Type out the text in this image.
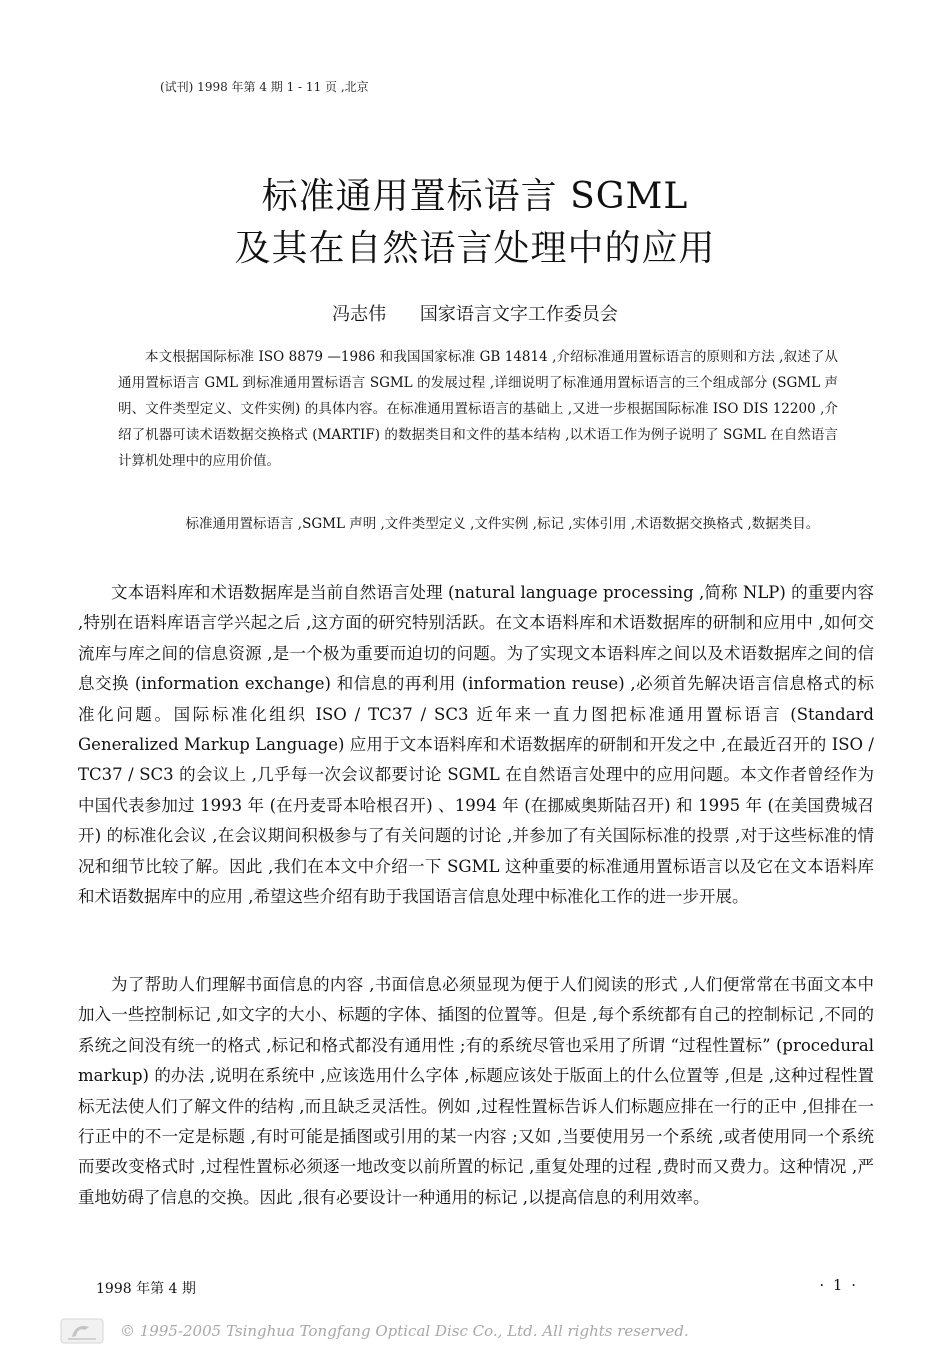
(试刊) 1998 年第 4 期 1 - 11 页 ,北京
标准通用置标语言 SGML
及其在自然语言处理中的应用
冯志伟 国家语言文字工作委员会

本文根据国际标准 ISO 8879 —1986 和我国国家标准 GB 14814 ,介绍标准通用置标语言的原则和方法 ,叙述了从通用置标语言 GML 到标准通用置标语言 SGML 的发展过程 ,详细说明了标准通用置标语言的三个组成部分 (SGML 声明、文件类型定义、文件实例) 的具体内容。在标准通用置标语言的基础上 ,又进一步根据国际标准 ISO DIS 12200 ,介绍了机器可读术语数据交换格式 (MARTIF) 的数据类目和文件的基本结构 ,以术语工作为例子说明了 SGML 在自然语言计算机处理中的应用价值。

标准通用置标语言 ,SGML 声明 ,文件类型定义 ,文件实例 ,标记 ,实体引用 ,术语数据交换格式 ,数据类目。

文本语料库和术语数据库是当前自然语言处理 (natural language processing ,简称 NLP) 的重要内容 ,特别在语料库语言学兴起之后 ,这方面的研究特别活跃。在文本语料库和术语数据库的研制和应用中 ,如何交流库与库之间的信息资源 ,是一个极为重要而迫切的问题。为了实现文本语料库之间以及术语数据库之间的信息交换 (information exchange) 和信息的再利用 (information reuse) ,必须首先解决语言信息格式的标准化问题。国际标准化组织 ISO / TC37 / SC3 近年来一直力图把标准通用置标语言 (Standard Generalized Markup Language) 应用于文本语料库和术语数据库的研制和开发之中 ,在最近召开的 ISO / TC37 / SC3 的会议上 ,几乎每一次会议都要讨论 SGML 在自然语言处理中的应用问题。本文作者曾经作为中国代表参加过 1993 年 (在丹麦哥本哈根召开) 、1994 年 (在挪威奥斯陆召开) 和 1995 年 (在美国费城召开) 的标准化会议 ,在会议期间积极参与了有关问题的讨论 ,并参加了有关国际标准的投票 ,对于这些标准的情况和细节比较了解。因此 ,我们在本文中介绍一下 SGML 这种重要的标准通用置标语言以及它在文本语料库和术语数据库中的应用 ,希望这些介绍有助于我国语言信息处理中标准化工作的进一步开展。

为了帮助人们理解书面信息的内容 ,书面信息必须显现为便于人们阅读的形式 ,人们便常常在书面文本中加入一些控制标记 ,如文字的大小、标题的字体、插图的位置等。但是 ,每个系统都有自己的控制标记 ,不同的系统之间没有统一的格式 ,标记和格式都没有通用性 ;有的系统尽管也采用了所谓 “过程性置标” (procedural markup) 的办法 ,说明在系统中 ,应该选用什么字体 ,标题应该处于版面上的什么位置等 ,但是 ,这种过程性置标无法使人们了解文件的结构 ,而且缺乏灵活性。例如 ,过程性置标告诉人们标题应排在一行的正中 ,但排在一行正中的不一定是标题 ,有时可能是插图或引用的某一内容 ;又如 ,当要使用另一个系统 ,或者使用同一个系统而要改变格式时 ,过程性置标必须逐一地改变以前所置的标记 ,重复处理的过程 ,费时而又费力。这种情况 ,严重地妨碍了信息的交换。因此 ,很有必要设计一种通用的标记 ,以提高信息的利用效率。

1998 年第 4 期	· 1 ·
© 1995-2005 Tsinghua Tongfang Optical Disc Co., Ltd. All rights reserved.
